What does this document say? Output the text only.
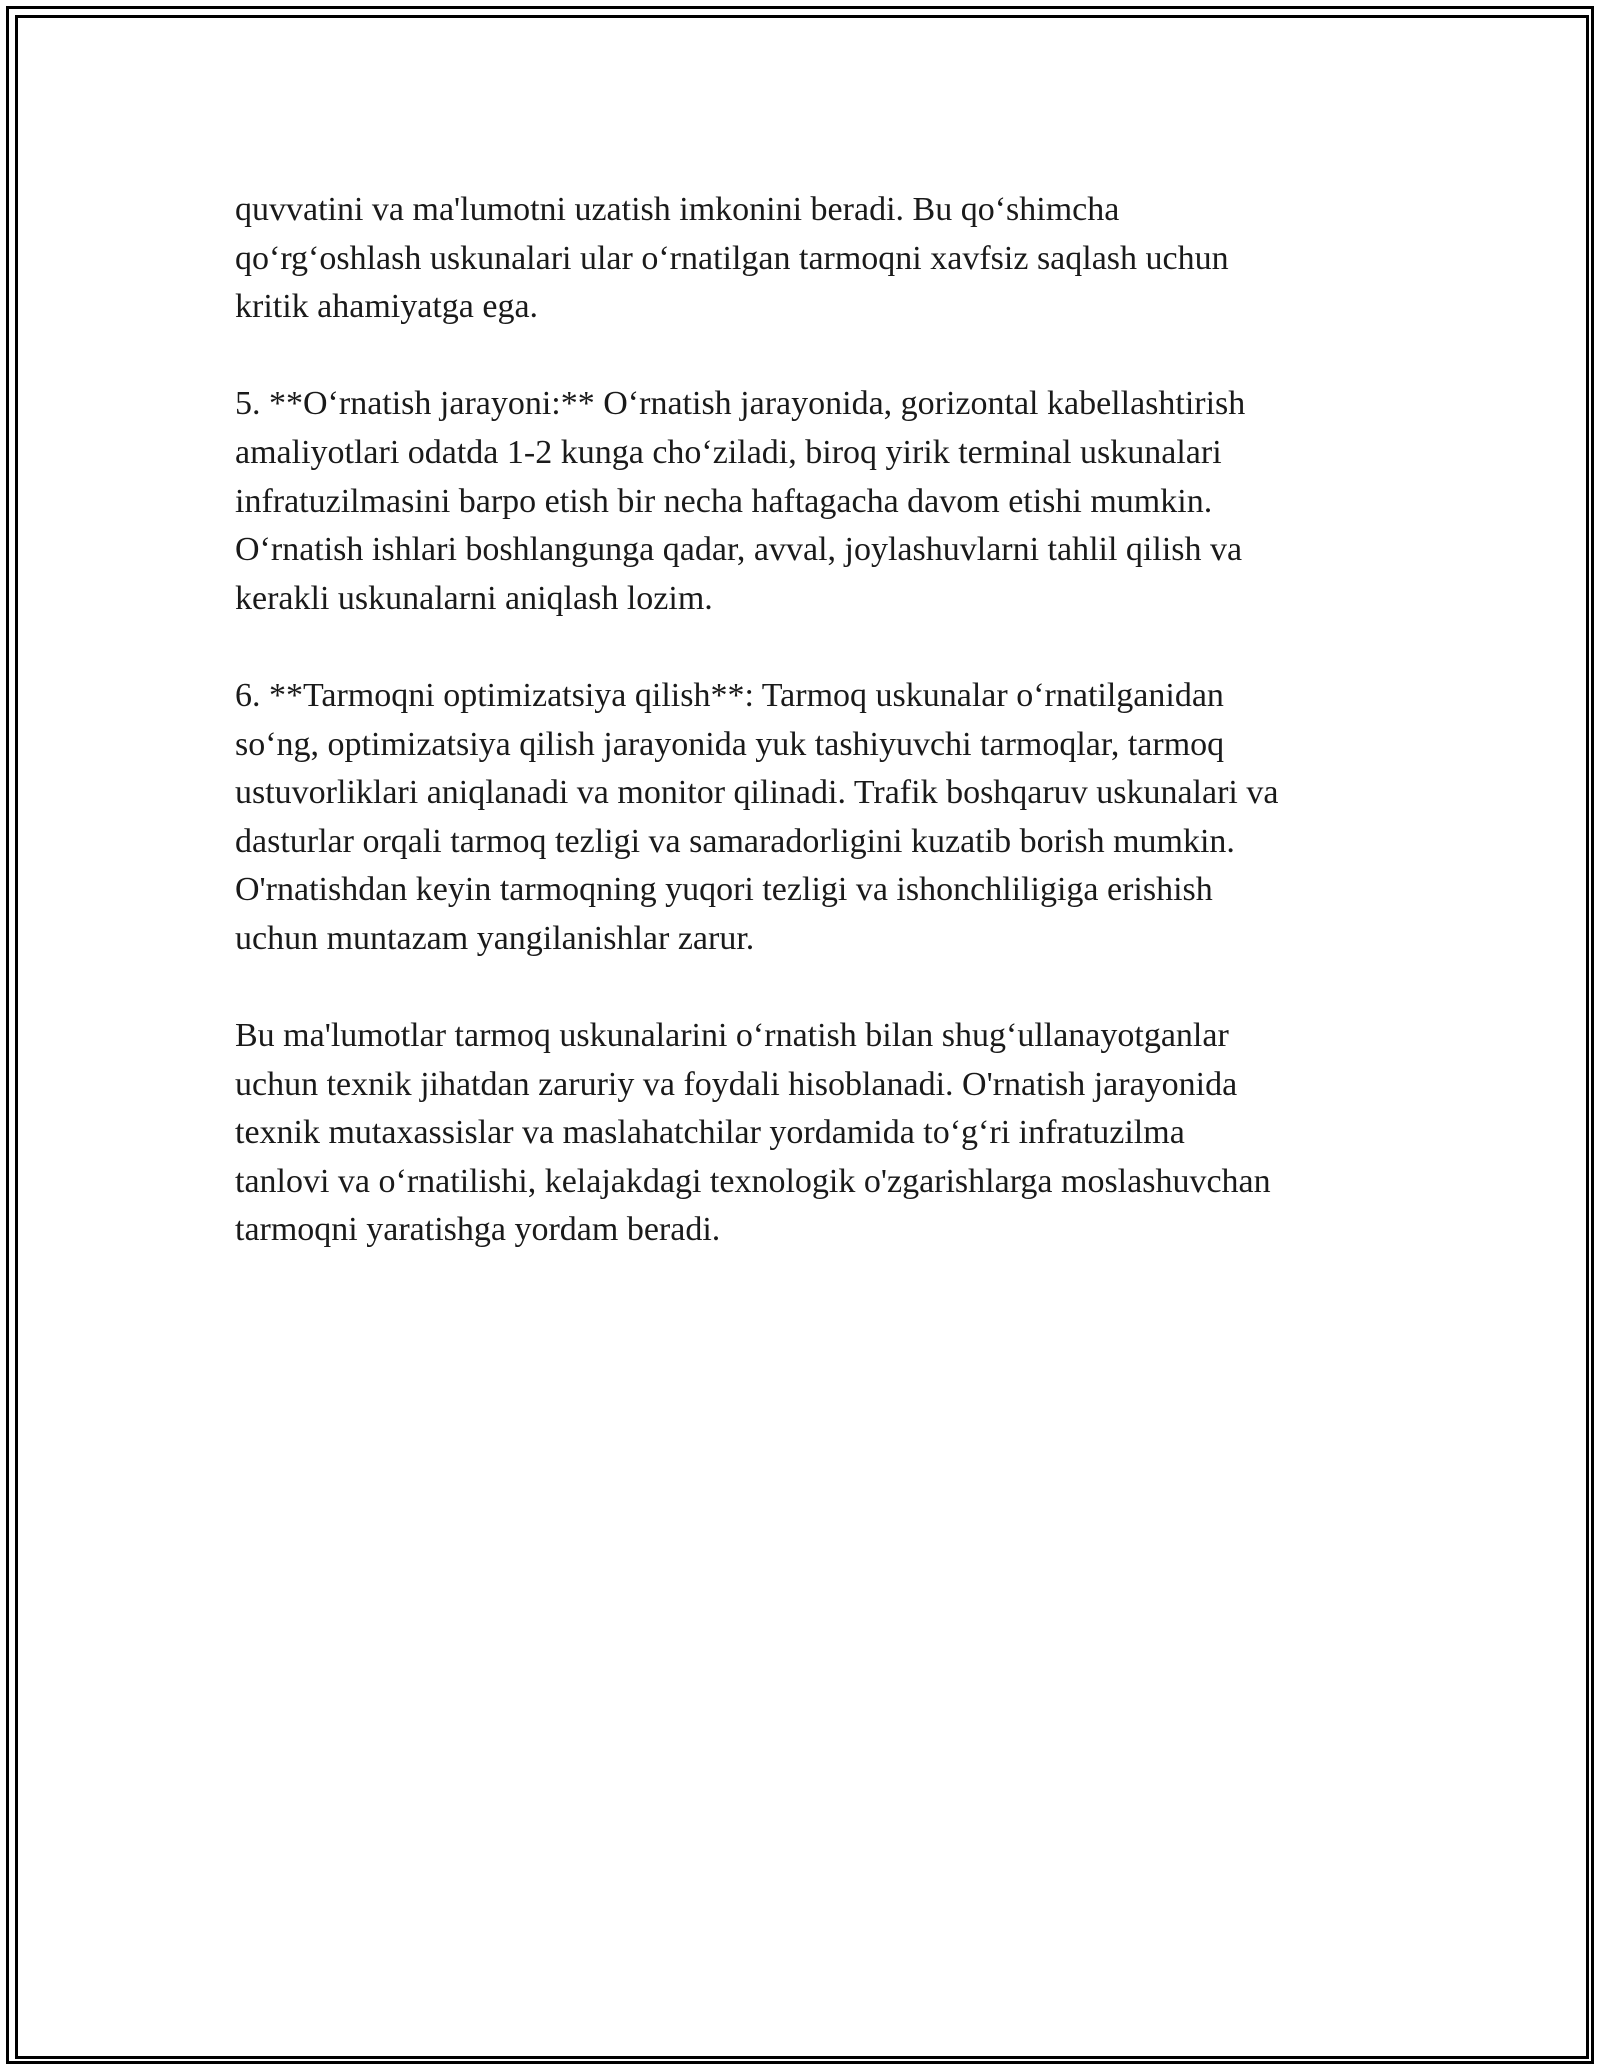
quvvatini va ma'lumotni uzatish imkonini beradi. Bu qo‘shimcha
qo‘rg‘oshlash uskunalari ular o‘rnatilgan tarmoqni xavfsiz saqlash uchun
kritik ahamiyatga ega.

5. **O‘rnatish jarayoni:** O‘rnatish jarayonida, gorizontal kabellashtirish
amaliyotlari odatda 1-2 kunga cho‘ziladi, biroq yirik terminal uskunalari
infratuzilmasini barpo etish bir necha haftagacha davom etishi mumkin.
O‘rnatish ishlari boshlangunga qadar, avval, joylashuvlarni tahlil qilish va
kerakli uskunalarni aniqlash lozim.

6. **Tarmoqni optimizatsiya qilish**: Tarmoq uskunalar o‘rnatilganidan
so‘ng, optimizatsiya qilish jarayonida yuk tashiyuvchi tarmoqlar, tarmoq
ustuvorliklari aniqlanadi va monitor qilinadi. Trafik boshqaruv uskunalari va
dasturlar orqali tarmoq tezligi va samaradorligini kuzatib borish mumkin.
O'rnatishdan keyin tarmoqning yuqori tezligi va ishonchliligiga erishish
uchun muntazam yangilanishlar zarur.

Bu ma'lumotlar tarmoq uskunalarini o‘rnatish bilan shug‘ullanayotganlar
uchun texnik jihatdan zaruriy va foydali hisoblanadi. O'rnatish jarayonida
texnik mutaxassislar va maslahatchilar yordamida to‘g‘ri infratuzilma
tanlovi va o‘rnatilishi, kelajakdagi texnologik o'zgarishlarga moslashuvchan
tarmoqni yaratishga yordam beradi.
